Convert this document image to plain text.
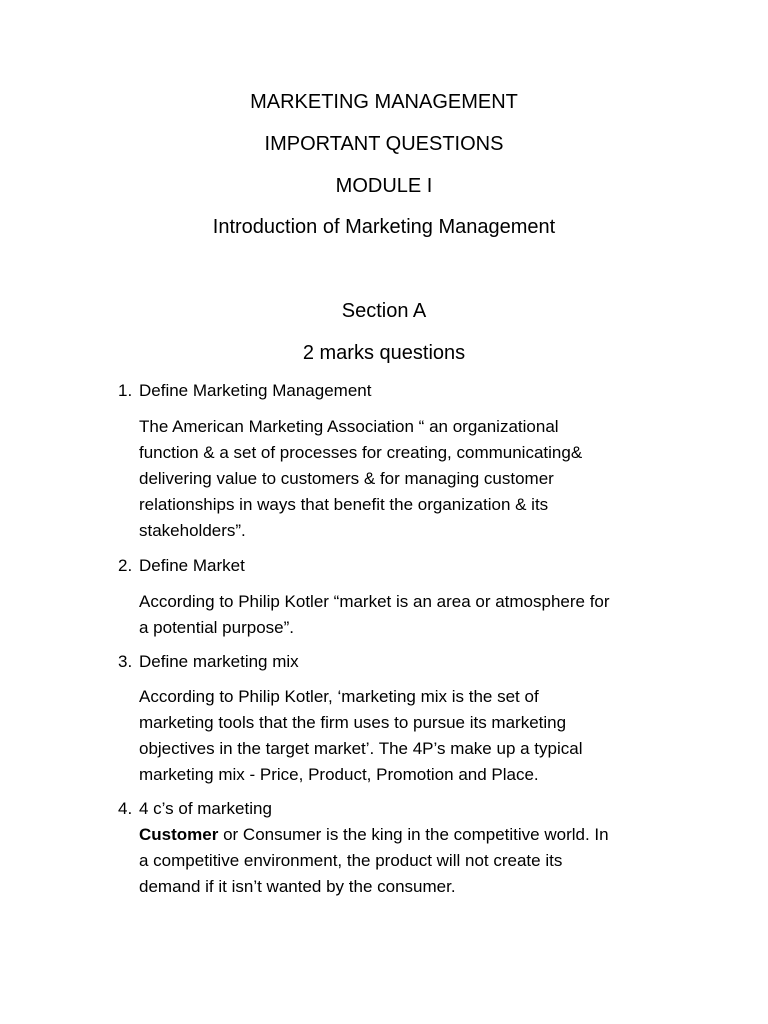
MARKETING MANAGEMENT
IMPORTANT QUESTIONS
MODULE I
Introduction of Marketing Management
Section A
2 marks questions
1. Define Marketing Management
The American Marketing Association “ an organizational
function & a set of processes for creating, communicating&
delivering value to customers & for managing customer
relationships in ways that benefit the organization & its
stakeholders”.
2. Define Market
According to Philip Kotler “market is an area or atmosphere for
a potential purpose”.
3. Define marketing mix
According to Philip Kotler, ‘marketing mix is the set of
marketing tools that the firm uses to pursue its marketing
objectives in the target market’. The 4P’s make up a typical
marketing mix - Price, Product, Promotion and Place.
4. 4 c’s of marketing
Customer or Consumer is the king in the competitive world. In
a competitive environment, the product will not create its
demand if it isn’t wanted by the consumer.
